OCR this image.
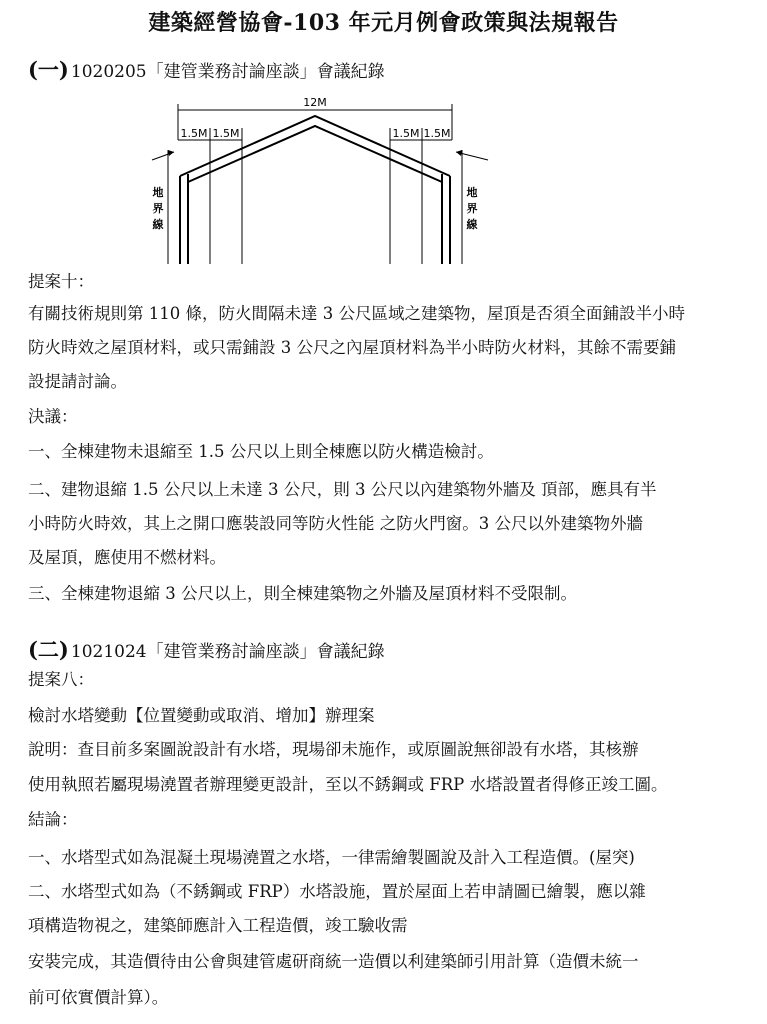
建築經營協會-103 年元月例會政策與法規報告
(一) 1020205「建管業務討論座談」會議紀錄
12M
1.5M 1.5M	1.5M 1.5M
地
界
線
地
界
線
提案十：
有關技術規則第 110 條，防火間隔未達 3 公尺區域之建築物，屋頂是否須全面鋪設半小時
防火時效之屋頂材料，或只需鋪設 3 公尺之內屋頂材料為半小時防火材料，其餘不需要鋪
設提請討論。
決議：
一、全棟建物未退縮至 1.5 公尺以上則全棟應以防火構造檢討。
二、建物退縮 1.5 公尺以上未達 3 公尺，則 3 公尺以內建築物外牆及 頂部，應具有半
小時防火時效，其上之開口應裝設同等防火性能 之防火門窗。3 公尺以外建築物外牆
及屋頂，應使用不燃材料。
三、全棟建物退縮 3 公尺以上，則全棟建築物之外牆及屋頂材料不受限制。
(二) 1021024「建管業務討論座談」會議紀錄
提案八：
檢討水塔變動【位置變動或取消、增加】辦理案
說明：查目前多案圖說設計有水塔，現場卻未施作，或原圖說無卻設有水塔，其核辦
使用執照若屬現場澆置者辦理變更設計，至以不銹鋼或 FRP 水塔設置者得修正竣工圖。
結論：
一、水塔型式如為混凝土現場澆置之水塔，一律需繪製圖說及計入工程造價。(屋突)
二、水塔型式如為（不銹鋼或 FRP）水塔設施，置於屋面上若申請圖已繪製，應以雜
項構造物視之，建築師應計入工程造價，竣工驗收需
安裝完成，其造價待由公會與建管處研商統一造價以利建築師引用計算（造價未統一
前可依實價計算）。
